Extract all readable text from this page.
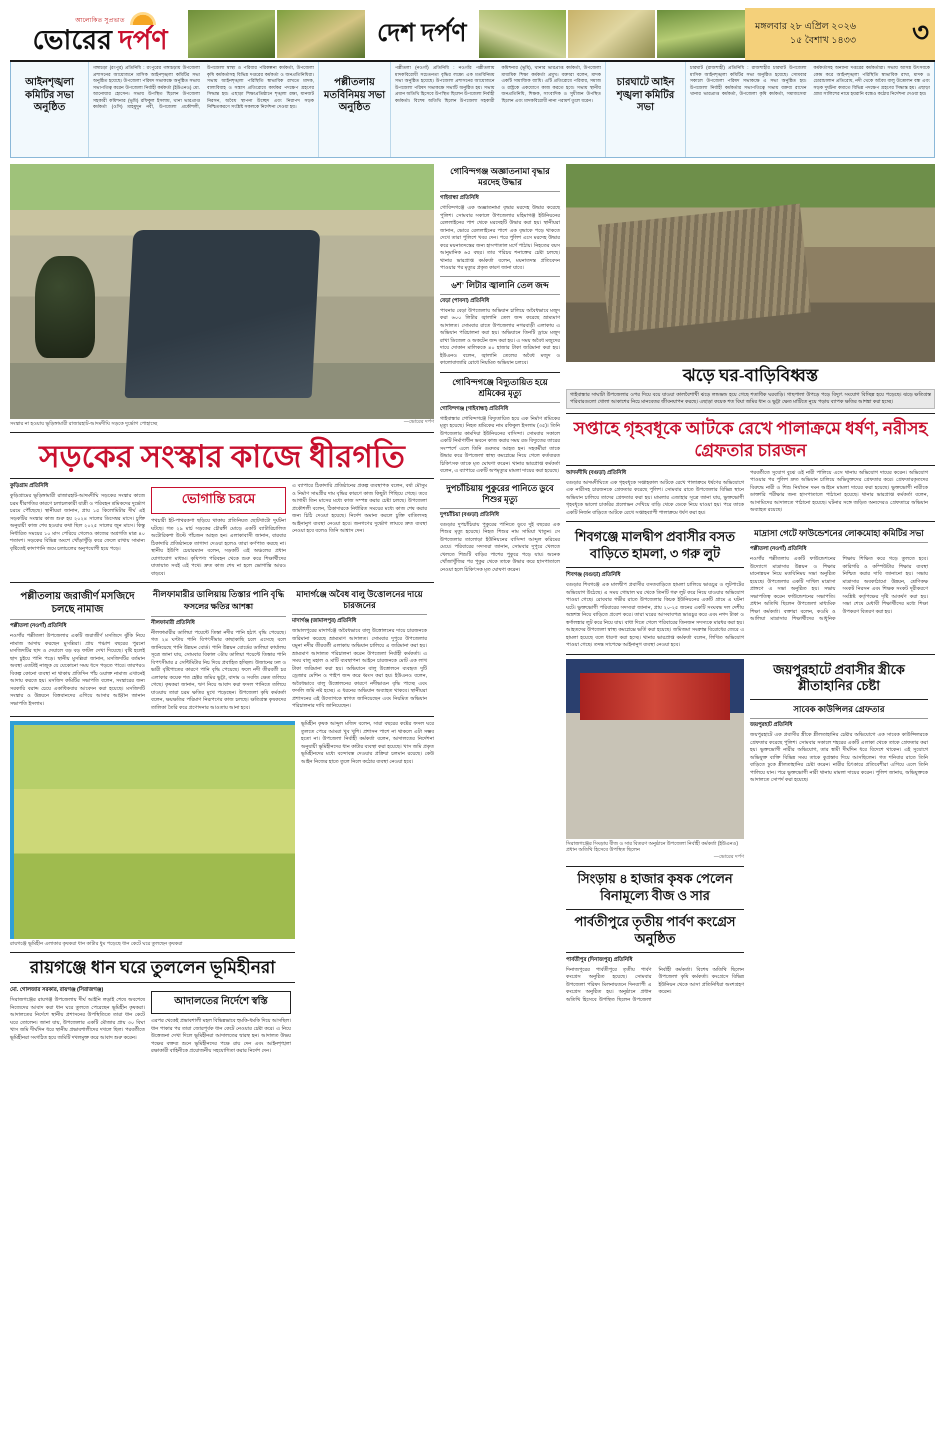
আলোকিত সুপ্রভাত
ভোরের দর্পণ	দেশ দর্পণ	মঙ্গলবার ২৮ এপ্রিল ২০২৬
১৫ বৈশাখ ১৪৩৩ ৩
আইনশৃঙ্খলা কমিটির সভা অনুষ্ঠিত
গঙ্গাচড়া (রংপুর) প্রতিনিধি : রংপুরের গঙ্গাচড়ায় উপজেলা প্রশাসনের আয়োজনে মাসিক আইনশৃঙ্খলা কমিটির সভা অনুষ্ঠিত হয়েছে। উপজেলা পরিষদ সভাকক্ষে অনুষ্ঠিত সভায় সভাপতিত্ব করেন উপজেলা নির্বাহী কর্মকর্তা (ইউএনও) মো. আনোয়ার হোসেন। সভায় উপস্থিত ছিলেন উপজেলা সহকারী কমিশনার (ভূমি) রফিকুল ইসলাম, থানা ভারপ্রাপ্ত কর্মকর্তা (ওসি) মাহমুদুন নবী, উপজেলা প্রকৌশলী, উপজেলা স্বাস্থ্য ও পরিবার পরিকল্পনা কর্মকর্তা, উপজেলা কৃষি কর্মকর্তাসহ বিভিন্ন দপ্তরের কর্মকর্তা ও জনপ্রতিনিধিরা। সভায় আইনশৃঙ্খলা পরিস্থিতি স্বাভাবিক রাখতে মাদক, বাল্যবিবাহ ও সন্ত্রাস প্রতিরোধে কার্যকর পদক্ষেপ গ্রহণের সিদ্ধান্ত হয়। এছাড়া শিক্ষাপ্রতিষ্ঠানে শৃঙ্খলা রক্ষা, যানজট নিরসন, অবৈধ স্থাপনা উচ্ছেদ এবং নিরাপদ সড়ক নিশ্চিতকরণে সংশ্লিষ্ট সকলকে নির্দেশনা দেওয়া হয়।
পল্লীতলায় মতবিনিময় সভা অনুষ্ঠিত
পল্লীতলা (নওগাঁ) প্রতিনিধি : নওগাঁর পল্লীতলায় মাদকবিরোধী সচেতনতা বৃদ্ধির লক্ষ্যে এক মতবিনিময় সভা অনুষ্ঠিত হয়েছে। উপজেলা প্রশাসনের আয়োজনে উপজেলা পরিষদ সভাকক্ষে সভাটি অনুষ্ঠিত হয়। সভায় প্রধান অতিথি হিসেবে উপস্থিত ছিলেন উপজেলা নির্বাহী কর্মকর্তা। বিশেষ অতিথি ছিলেন উপজেলা সহকারী কমিশনার (ভূমি), থানার ভারপ্রাপ্ত কর্মকর্তা, উপজেলা মাধ্যমিক শিক্ষা কর্মকর্তা প্রমুখ। বক্তারা বলেন, মাদক একটি সামাজিক ব্যাধি। এটি প্রতিরোধে পরিবার, সমাজ ও রাষ্ট্রকে একযোগে কাজ করতে হবে। সভায় স্থানীয় জনপ্রতিনিধি, শিক্ষক, সাংবাদিক ও সুধীজন উপস্থিত ছিলেন এবং মাদকবিরোধী নানা পরামর্শ তুলে ধরেন।
চারঘাটে আইন শৃঙ্খলা কমিটির সভা
চারঘাট (রাজশাহী) প্রতিনিধি : রাজশাহীর চারঘাট উপজেলা মাসিক আইনশৃঙ্খলা কমিটির সভা অনুষ্ঠিত হয়েছে। সোমবার সকালে উপজেলা পরিষদ সভাকক্ষে এ সভা অনুষ্ঠিত হয়। উপজেলা নির্বাহী কর্মকর্তার সভাপতিত্বে সভায় বক্তব্য রাখেন থানার ভারপ্রাপ্ত কর্মকর্তা, উপজেলা কৃষি কর্মকর্তা, সমাজসেবা কর্মকর্তাসহ অন্যান্য দপ্তরের কর্মকর্তারা। সভায় আসন্ন উৎসবকে কেন্দ্র করে আইনশৃঙ্খলা পরিস্থিতি স্বাভাবিক রাখা, মাদক ও চোরাচালান প্রতিরোধ, নদী থেকে অবৈধ বালু উত্তোলন বন্ধ এবং সড়ক দুর্ঘটনা কমাতে বিভিন্ন পদক্ষেপ গ্রহণের সিদ্ধান্ত হয়। এছাড়া গ্রাম্য সালিশের নামে হয়রানি বন্ধেও কঠোর নির্দেশনা দেওয়া হয়।
সংস্কার না হওয়ায় ভূড়িঙ্গামারী রাজারহাট-আদমদীঘি সড়কে দুর্ভোগ পোহাচ্ছে	—ভোরের দর্পণ
সড়কের সংস্কার কাজে ধীরগতি
কুড়িগ্রাম প্রতিনিধি
কুড়িগ্রামের ভূড়িঙ্গামারী রাজারহাট-আদমদীঘি সড়কের সংস্কার কাজে চরম ধীরগতির কারণে চলাচলকারী যাত্রী ও পরিবহন শ্রমিকদের দুর্ভোগ চরমে পৌঁছেছে। স্থানীয়রা জানান, প্রায় ১৫ কিলোমিটার দীর্ঘ এই সড়কটির সংস্কার কাজ শুরু হয় ২০২৪ সালের ডিসেম্বর মাসে। চুক্তি অনুযায়ী কাজ শেষ হওয়ার কথা ছিল ২০২৫ সালের জুন মাসে। কিন্তু নির্ধারিত সময়ের ১০ মাস পেরিয়ে গেলেও কাজের অগ্রগতি মাত্র ৪০ শতাংশ। সড়কের বিভিন্ন অংশে খোঁড়াখুঁড়ি করে ফেলে রাখায় সামান্য বৃষ্টিতেই কাদাপানি জমে চলাচলের অনুপযোগী হয়ে পড়ে।
ভোগান্তি চরমে
পথচারী ইট-পাথরকণা ছড়িয়ে থাকায় প্রতিনিয়ত ছোটখাটো দুর্ঘটনা ঘটছে। গত ২৯ মার্চ সড়কের চৌরঙ্গী মোড়ে একটি ব্যাটারিচালিত অটোরিকশা উল্টে পাঁচজন আহত হন। এলাকাবাসী জানান, বারবার ঠিকাদারি প্রতিষ্ঠানকে তাগাদা দেওয়া হলেও তারা কর্ণপাত করছে না। স্থানীয় ইউপি চেয়ারম্যান বলেন, সড়কটি এই অঞ্চলের প্রধান যোগাযোগ মাধ্যম। কৃষিপণ্য পরিবহন থেকে শুরু করে শিক্ষার্থীদের যাতায়াত সবই এই পথে। দ্রুত কাজ শেষ না হলে ভোগান্তি আরও বাড়বে।
এ ব্যাপারে ঠিকাদারি প্রতিষ্ঠানের প্রকল্প ব্যবস্থাপক বলেন, বর্ষা মৌসুম ও নির্মাণ সামগ্রীর দাম বৃদ্ধির কারণে কাজ কিছুটা পিছিয়ে গেছে। তবে আগামী তিন মাসের মধ্যে কাজ সম্পন্ন করার চেষ্টা চলছে। উপজেলা প্রকৌশলী বলেন, ঠিকাদারকে নির্ধারিত সময়ের মধ্যে কাজ শেষ করার জন্য চিঠি দেওয়া হয়েছে। নির্দেশ অমান্য করলে চুক্তি বাতিলসহ আইনানুগ ব্যবস্থা নেওয়া হবে। জনগণের দুর্ভোগ লাঘবে দ্রুত ব্যবস্থা নেওয়া হবে বলেও তিনি আশ্বাস দেন।
পল্লীতলায় জরাজীর্ণ মসজিদে চলছে নামাজ
পল্লীতলা (নওগাঁ) প্রতিনিধি
নওগাঁর পল্লীতলা উপজেলার একটি জরাজীর্ণ মসজিদে ঝুঁকি নিয়ে নামাজ আদায় করছেন মুসল্লিরা। প্রায় পঞ্চাশ বছরের পুরনো মসজিদটির ছাদ ও দেয়ালে বড় বড় ফাটল দেখা দিয়েছে। বৃষ্টি হলেই ছাদ চুইয়ে পানি পড়ে। স্থানীয় মুসল্লিরা জানান, মসজিদটির বর্তমান অবস্থা এতটাই নাজুক যে যেকোনো সময় ধসে পড়তে পারে। তারপরও বিকল্প কোনো ব্যবস্থা না থাকায় প্রতিদিন পাঁচ ওয়াক্ত নামাজ এখানেই আদায় করতে হয়। মসজিদ কমিটির সভাপতি বলেন, সংস্কারের জন্য সরকারি বরাদ্দ চেয়ে একাধিকবার আবেদন করা হয়েছে। মসজিদটি সংস্কার ও উন্নয়নে বিত্তবানদের এগিয়ে আসার আহ্বান জানান সভাপতি ইসলাম।
নীলফামারীর ডালিয়ায় তিস্তার পানি বৃদ্ধি
ফসলের ক্ষতির আশঙ্কা
নীলফামারী প্রতিনিধি
নীলফামারীর ডালিয়া পয়েন্টে তিস্তা নদীর পানি হঠাৎ বৃদ্ধি পেয়েছে। গত ২৪ ঘণ্টায় পানি বিপৎসীমার কাছাকাছি চলে এসেছে বলে জানিয়েছে পানি উন্নয়ন বোর্ড। পানি উন্নয়ন বোর্ডের ডালিয়া কার্যালয় সূত্রে জানা যায়, সোমবার বিকাল ৩টায় ডালিয়া পয়েন্টে তিস্তার পানি বিপৎসীমার ৫ সেন্টিমিটার নিচ দিয়ে প্রবাহিত হচ্ছিল। উজানের ঢল ও ভারী বৃষ্টিপাতের কারণে পানি বৃদ্ধি পেয়েছে। ফলে নদী তীরবর্তী চর এলাকার কয়েক শত হেক্টর জমির ভুট্টা, বাদাম ও সবজি ক্ষেত তলিয়ে গেছে। কৃষকরা জানান, ঋণ নিয়ে আবাদ করা ফসল পানিতে তলিয়ে যাওয়ায় তারা চরম ক্ষতির মুখে পড়েছেন। উপজেলা কৃষি কর্মকর্তা বলেন, ক্ষয়ক্ষতির পরিমাণ নিরূপণের কাজ চলছে। ক্ষতিগ্রস্ত কৃষকদের তালিকা তৈরি করে প্রণোদনার আওতায় আনা হবে।
মাদার্গঞ্জে অবৈধ বালু উত্তোলনের দায়ে চারজনের
মাদার্গঞ্জ (জামালপুর) প্রতিনিধি
জামালপুরের মাদার্গঞ্জে অবৈধভাবে বালু উত্তোলনের দায়ে চারজনকে জরিমানা করেছে ভ্রাম্যমাণ আদালত। সোমবার দুপুরে উপজেলার যমুনা নদীর তীরবর্তী এলাকায় অভিযান চালিয়ে এ জরিমানা করা হয়। ভ্রাম্যমাণ আদালত পরিচালনা করেন উপজেলা নির্বাহী কর্মকর্তা। এ সময় বালু মহাল ও মাটি ব্যবস্থাপনা আইনে চারজনকে মোট এক লাখ টাকা জরিমানা করা হয়। অভিযানে বালু উত্তোলনে ব্যবহৃত দুটি ড্রেজার মেশিন ও পাইপ জব্দ করে ধ্বংস করা হয়। ইউএনও বলেন, অবৈধভাবে বালু উত্তোলনের কারণে নদীভাঙন বৃদ্ধি পাচ্ছে এবং ফসলি জমি নষ্ট হচ্ছে। এ ধরনের অভিযান অব্যাহত থাকবে। স্থানীয়রা প্রশাসনের এই উদ্যোগকে স্বাগত জানিয়েছেন এবং নিয়মিত অভিযান পরিচালনার দাবি জানিয়েছেন।
রায়গঞ্জে ভূমিহীন এলাকার কৃষকরা ধান কাটার ধুম পড়েছে ধান কেটে ঘরে তুলছেন কৃষকরা
রায়গঞ্জে ধান ঘরে তুললেন ভূমিহীনরা
মো. গোলজার সরকার, রায়গঞ্জ (সিরাজগঞ্জ)
সিরাজগঞ্জের রায়গঞ্জ উপজেলায় দীর্ঘ আইনি লড়াই শেষে অবশেষে নিজেদের আবাদ করা ধান ঘরে তুলতে পেরেছেন ভূমিহীন কৃষকরা। আদালতের নির্দেশে স্থানীয় প্রশাসনের উপস্থিতিতে তারা ধান কেটে ঘরে তোলেন। জানা যায়, উপজেলার একটি মৌজার প্রায় ৩০ বিঘা খাস জমি দীর্ঘদিন ধরে স্থানীয় প্রভাবশালীদের দখলে ছিল। পরবর্তীতে ভূমিহীনরা সংগঠিত হয়ে জমিটি দখলমুক্ত করে আবাদ শুরু করেন।
আদালতের নির্দেশে স্বস্তি
এরপর থেকেই প্রভাবশালী মহল বিভিন্নভাবে হুমকি-ধমকি দিয়ে আসছিল। ধান পাকার পর তারা জোরপূর্বক ধান কেটে নেওয়ার চেষ্টা করে। এ নিয়ে উত্তেজনা দেখা দিলে ভূমিহীনরা আদালতের দ্বারস্থ হন। আদালত উভয় পক্ষের বক্তব্য শুনে ভূমিহীনদের পক্ষে রায় দেন এবং আইনশৃঙ্খলা রক্ষাকারী বাহিনীকে প্রয়োজনীয় সহযোগিতা করার নির্দেশ দেন।
ভূমিহীন কৃষক আব্দুল মজিদ বলেন, সারা বছরের কষ্টের ফসল ঘরে তুলতে পেরে আমরা খুব খুশি। প্রশাসন পাশে না থাকলে এটা সম্ভব হতো না। উপজেলা নির্বাহী কর্মকর্তা বলেন, আদালতের নির্দেশনা অনুযায়ী ভূমিহীনদের ধান কাটার ব্যবস্থা করা হয়েছে। খাস জমি প্রকৃত ভূমিহীনদের মধ্যে বন্দোবস্ত দেওয়ার প্রক্রিয়া চলমান রয়েছে। কেউ আইন নিজের হাতে তুলে নিলে কঠোর ব্যবস্থা নেওয়া হবে।
গোবিন্দগঞ্জ অজ্ঞাতনামা বৃদ্ধার মরদেহ উদ্ধার
গাইবান্ধা প্রতিনিধি
গোবিন্দগঞ্জে এক অজ্ঞাতনামা বৃদ্ধার মরদেহ উদ্ধার করেছে পুলিশ। সোমবার সকালে উপজেলার মহিমাগঞ্জ ইউনিয়নের রেললাইনের পাশ থেকে মরদেহটি উদ্ধার করা হয়। স্থানীয়রা জানান, ভোরে রেললাইনের পাশে এক বৃদ্ধাকে পড়ে থাকতে দেখে তারা পুলিশে খবর দেন। পরে পুলিশ এসে মরদেহ উদ্ধার করে ময়নাতদন্তের জন্য হাসপাতাল মর্গে পাঠায়। নিহতের বয়স আনুমানিক ৬৫ বছর। তার পরিচয় শনাক্তের চেষ্টা চলছে। থানার ভারপ্রাপ্ত কর্মকর্তা বলেন, ময়নাতদন্ত প্রতিবেদন পাওয়ার পর মৃত্যুর প্রকৃত কারণ জানা যাবে।
৬শ' লিটার জ্বালানি তেল জব্দ
বেড়া (পাবনা) প্রতিনিধি
পাবনার বেড়া উপজেলায় অভিযান চালিয়ে অবৈধভাবে মজুদ করা ৬০০ লিটার জ্বালানি তেল জব্দ করেছে ভ্রাম্যমাণ আদালত। সোমবার রাতে উপজেলার নগরবাড়ী এলাকায় এ অভিযান পরিচালনা করা হয়। অভিযানে তিনটি ড্রামে মজুদ রাখা ডিজেল ও অকটেন জব্দ করা হয়। এ সময় অবৈধ মজুদের দায়ে দোকান মালিককে ৪০ হাজার টাকা জরিমানা করা হয়। ইউএনও বলেন, জ্বালানি তেলের অবৈধ মজুদ ও কালোবাজারি রোধে নিয়মিত অভিযান চলবে।
গোবিন্দগঞ্জে বিদ্যুতায়িত হয়ে শ্রমিকের মৃত্যু
গোবিন্দগঞ্জ (গাইবান্ধা) প্রতিনিধি
গাইবান্ধার গোবিন্দগঞ্জে বিদ্যুতায়িত হয়ে এক নির্মাণ শ্রমিকের মৃত্যু হয়েছে। নিহত শ্রমিকের নাম রফিকুল ইসলাম (৩৫)। তিনি উপজেলার কামদিয়া ইউনিয়নের বাসিন্দা। সোমবার সকালে একটি নির্মাণাধীন ভবনে কাজ করার সময় রড বিদ্যুতের তারের সংস্পর্শে এলে তিনি গুরুতর আহত হন। সহকর্মীরা তাকে উদ্ধার করে উপজেলা স্বাস্থ্য কমপ্লেক্সে নিয়ে গেলে কর্তব্যরত চিকিৎসক তাকে মৃত ঘোষণা করেন। থানার ভারপ্রাপ্ত কর্মকর্তা বলেন, এ ব্যাপারে একটি অপমৃত্যুর মামলা দায়ের করা হয়েছে।
দুপচাঁচিয়ায় পুকুরের পানিতে ডুবে শিশুর মৃত্যু
দুপচাঁচিয়া (বগুড়া) প্রতিনিধি
বগুড়ার দুপচাঁচিয়ায় পুকুরের পানিতে ডুবে দুই বছরের এক শিশুর মৃত্যু হয়েছে। নিহত শিশুর নাম সামিয়া খাতুন। সে উপজেলার তালোড়া ইউনিয়নের বাসিন্দা আব্দুল করিমের মেয়ে। পরিবারের সদস্যরা জানান, সোমবার দুপুরে খেলতে খেলতে শিশুটি বাড়ির পাশের পুকুরে পড়ে যায়। অনেক খোঁজাখুঁজির পর পুকুর থেকে তাকে উদ্ধার করে হাসপাতালে নেওয়া হলে চিকিৎসক মৃত ঘোষণা করেন।
ঝড়ে ঘর-বাড়িবিধ্বস্ত
গাইবান্ধার সাঘাটা উপজেলার ওপর দিয়ে বয়ে যাওয়া কালবৈশাখী ঝড়ে লন্ডভন্ড হয়ে গেছে শতাধিক ঘরবাড়ি। গাছপালা উপড়ে পড়ে বিদ্যুৎ সংযোগ বিচ্ছিন্ন হয়ে পড়েছে। ঝড়ে ক্ষতিগ্রস্ত পরিবারগুলো খোলা আকাশের নিচে মানবেতর জীবনযাপন করছে। এছাড়া কয়েক শত বিঘা জমির ধান ও ভুট্টা ক্ষেত মাটিতে নুয়ে পড়ায় ব্যাপক ক্ষতির আশঙ্কা করা হচ্ছে।
সপ্তাহে গৃহবধূকে আটকে রেখে পালাক্রমে ধর্ষণ, নরীসহ গ্রেফতার চারজন
আদমদীঘি (বগুড়া) প্রতিনিধি
বগুড়ার আদমদীঘিতে এক গৃহবধূকে সপ্তাহকাল আটকে রেখে পালাক্রমে ধর্ষণের অভিযোগে এক নারীসহ চারজনকে গ্রেফতার করেছে পুলিশ। সোমবার রাতে উপজেলার বিভিন্ন স্থানে অভিযান চালিয়ে তাদের গ্রেফতার করা হয়। মামলার এজাহার সূত্রে জানা যায়, ভুক্তভোগী গৃহবধূকে ভালো চাকরির প্রলোভন দেখিয়ে বাড়ি থেকে ডেকে নিয়ে যাওয়া হয়। পরে তাকে একটি নির্জন বাড়িতে আটকে রেখে সপ্তাহব্যাপী পালাক্রমে ধর্ষণ করা হয়।
পরবর্তীতে সুযোগ বুঝে ওই নারী পালিয়ে এসে থানায় অভিযোগ দায়ের করেন। অভিযোগ পাওয়ার পর পুলিশ দ্রুত অভিযান চালিয়ে অভিযুক্তদের গ্রেফতার করে। গ্রেফতারকৃতদের বিরুদ্ধে নারী ও শিশু নির্যাতন দমন আইনে মামলা দায়ের করা হয়েছে। ভুক্তভোগী নারীকে ডাক্তারি পরীক্ষার জন্য হাসপাতালে পাঠানো হয়েছে। থানার ভারপ্রাপ্ত কর্মকর্তা বলেন, আসামিদের আদালতে পাঠানো হয়েছে। ঘটনার সঙ্গে জড়িত অন্যদেরও গ্রেফতারে অভিযান অব্যাহত রয়েছে।
শিবগঞ্জে মালদ্বীপ প্রবাসীর বসত বাড়িতে হামলা, ৩ গরু লুট
শিবগঞ্জ (বগুড়া) প্রতিনিধি
বগুড়ার শিবগঞ্জে এক মালদ্বীপ প্রবাসীর বসতবাড়িতে হামলা চালিয়ে ভাঙচুর ও লুটপাটের অভিযোগ উঠেছে। এ সময় গোয়াল ঘর থেকে তিনটি গরু লুট করে নিয়ে যাওয়ার অভিযোগ পাওয়া গেছে। রোববার গভীর রাতে উপজেলার কিচক ইউনিয়নের একটি গ্রামে এ ঘটনা ঘটে। ভুক্তভোগী পরিবারের সদস্যরা জানান, প্রায় ২০-২৫ জনের একটি সংঘবদ্ধ দল দেশীয় অস্ত্রশস্ত্র নিয়ে বাড়িতে প্রবেশ করে। তারা ঘরের আসবাবপত্র ভাঙচুর করে এবং নগদ টাকা ও স্বর্ণালঙ্কার লুট করে নিয়ে যায়। বাধা দিতে গেলে পরিবারের তিনজন সদস্যকে মারধর করা হয়। আহতদের উপজেলা স্বাস্থ্য কমপ্লেক্সে ভর্তি করা হয়েছে। জমিজমা সংক্রান্ত বিরোধের জেরে এ হামলা হয়েছে বলে ধারণা করা হচ্ছে। থানার ভারপ্রাপ্ত কর্মকর্তা বলেন, লিখিত অভিযোগ পাওয়া গেছে। তদন্ত সাপেক্ষে আইনানুগ ব্যবস্থা নেওয়া হবে।
মাদ্রাসা গেটে ফাউন্ডেশনের লোকমোহা কমিটির সভা
পল্লীতলা (নওগাঁ) প্রতিনিধি
নওগাঁর পল্লীতলায় একটি ফাউন্ডেশনের উদ্যোগে মাদ্রাসার উন্নয়ন ও শিক্ষার মানোন্নয়ন নিয়ে মতবিনিময় সভা অনুষ্ঠিত হয়েছে। উপজেলার একটি দাখিল মাদ্রাসা প্রাঙ্গণে এ সভা অনুষ্ঠিত হয়। সভায় সভাপতিত্ব করেন ফাউন্ডেশনের সভাপতি। প্রধান অতিথি ছিলেন উপজেলা মাধ্যমিক শিক্ষা কর্মকর্তা। বক্তারা বলেন, কওমি ও আলিয়া মাদ্রাসার শিক্ষার্থীদের আধুনিক শিক্ষায় শিক্ষিত করে গড়ে তুলতে হবে। কারিগরি ও কম্পিউটার শিক্ষার ব্যবস্থা নিশ্চিত করার দাবি জানানো হয়। সভায় মাদ্রাসার অবকাঠামো উন্নয়ন, শ্রেণিকক্ষ সংকট নিরসন এবং শিক্ষক সংকট দূরীকরণে সংশ্লিষ্ট কর্তৃপক্ষের দৃষ্টি আকর্ষণ করা হয়। সভা শেষে মেধাবী শিক্ষার্থীদের মধ্যে শিক্ষা উপকরণ বিতরণ করা হয়।
সিরাজগঞ্জের সিংড়ায় বীজ ও সার বিতরণ অনুষ্ঠানে উপজেলা নির্বাহী কর্মকর্তা (ইউএনও) প্রধান অতিথি হিসেবে উপস্থিত ছিলেন
—ভোরের দর্পণ
সিংড়ায় ৪ হাজার কৃষক পেলেন বিনামূল্যে বীজ ও সার
পার্বতীপুরে তৃতীয় পার্বণ কংগ্রেস অনুষ্ঠিত
পার্বতীপুর (দিনাজপুর) প্রতিনিধি
দিনাজপুরের পার্বতীপুরে তৃতীয় পার্বণ কংগ্রেস অনুষ্ঠিত হয়েছে। সোমবার উপজেলা পরিষদ মিলনায়তনে দিনব্যাপী এ কংগ্রেস অনুষ্ঠিত হয়। অনুষ্ঠানে প্রধান অতিথি হিসেবে উপস্থিত ছিলেন উপজেলা নির্বাহী কর্মকর্তা। বিশেষ অতিথি ছিলেন উপজেলা কৃষি কর্মকর্তা। কংগ্রেসে বিভিন্ন ইউনিয়ন থেকে আসা প্রতিনিধিরা অংশগ্রহণ করেন।
জয়পুরহাটে প্রবাসীর স্ত্রীকে শ্লীতাহানির চেষ্টা
সাবেক কাউন্সিলর গ্রেফতার
জয়পুরহাট প্রতিনিধি
জয়পুরহাটে এক প্রবাসীর স্ত্রীকে শ্লীলতাহানির চেষ্টার অভিযোগে এক সাবেক কাউন্সিলরকে গ্রেফতার করেছে পুলিশ। সোমবার সকালে শহরের একটি এলাকা থেকে তাকে গ্রেফতার করা হয়। ভুক্তভোগী নারীর অভিযোগ, তার স্বামী দীর্ঘদিন ধরে বিদেশে থাকেন। এই সুযোগে অভিযুক্ত ব্যক্তি বিভিন্ন সময় তাকে কুপ্রস্তাব দিয়ে আসছিলেন। গত শনিবার রাতে তিনি বাড়িতে ঢুকে শ্লীলতাহানির চেষ্টা করেন। নারীর চিৎকারে প্রতিবেশীরা এগিয়ে এলে তিনি পালিয়ে যান। পরে ভুক্তভোগী নারী থানায় মামলা দায়ের করেন। পুলিশ জানায়, অভিযুক্তকে আদালতে সোপর্দ করা হয়েছে।
